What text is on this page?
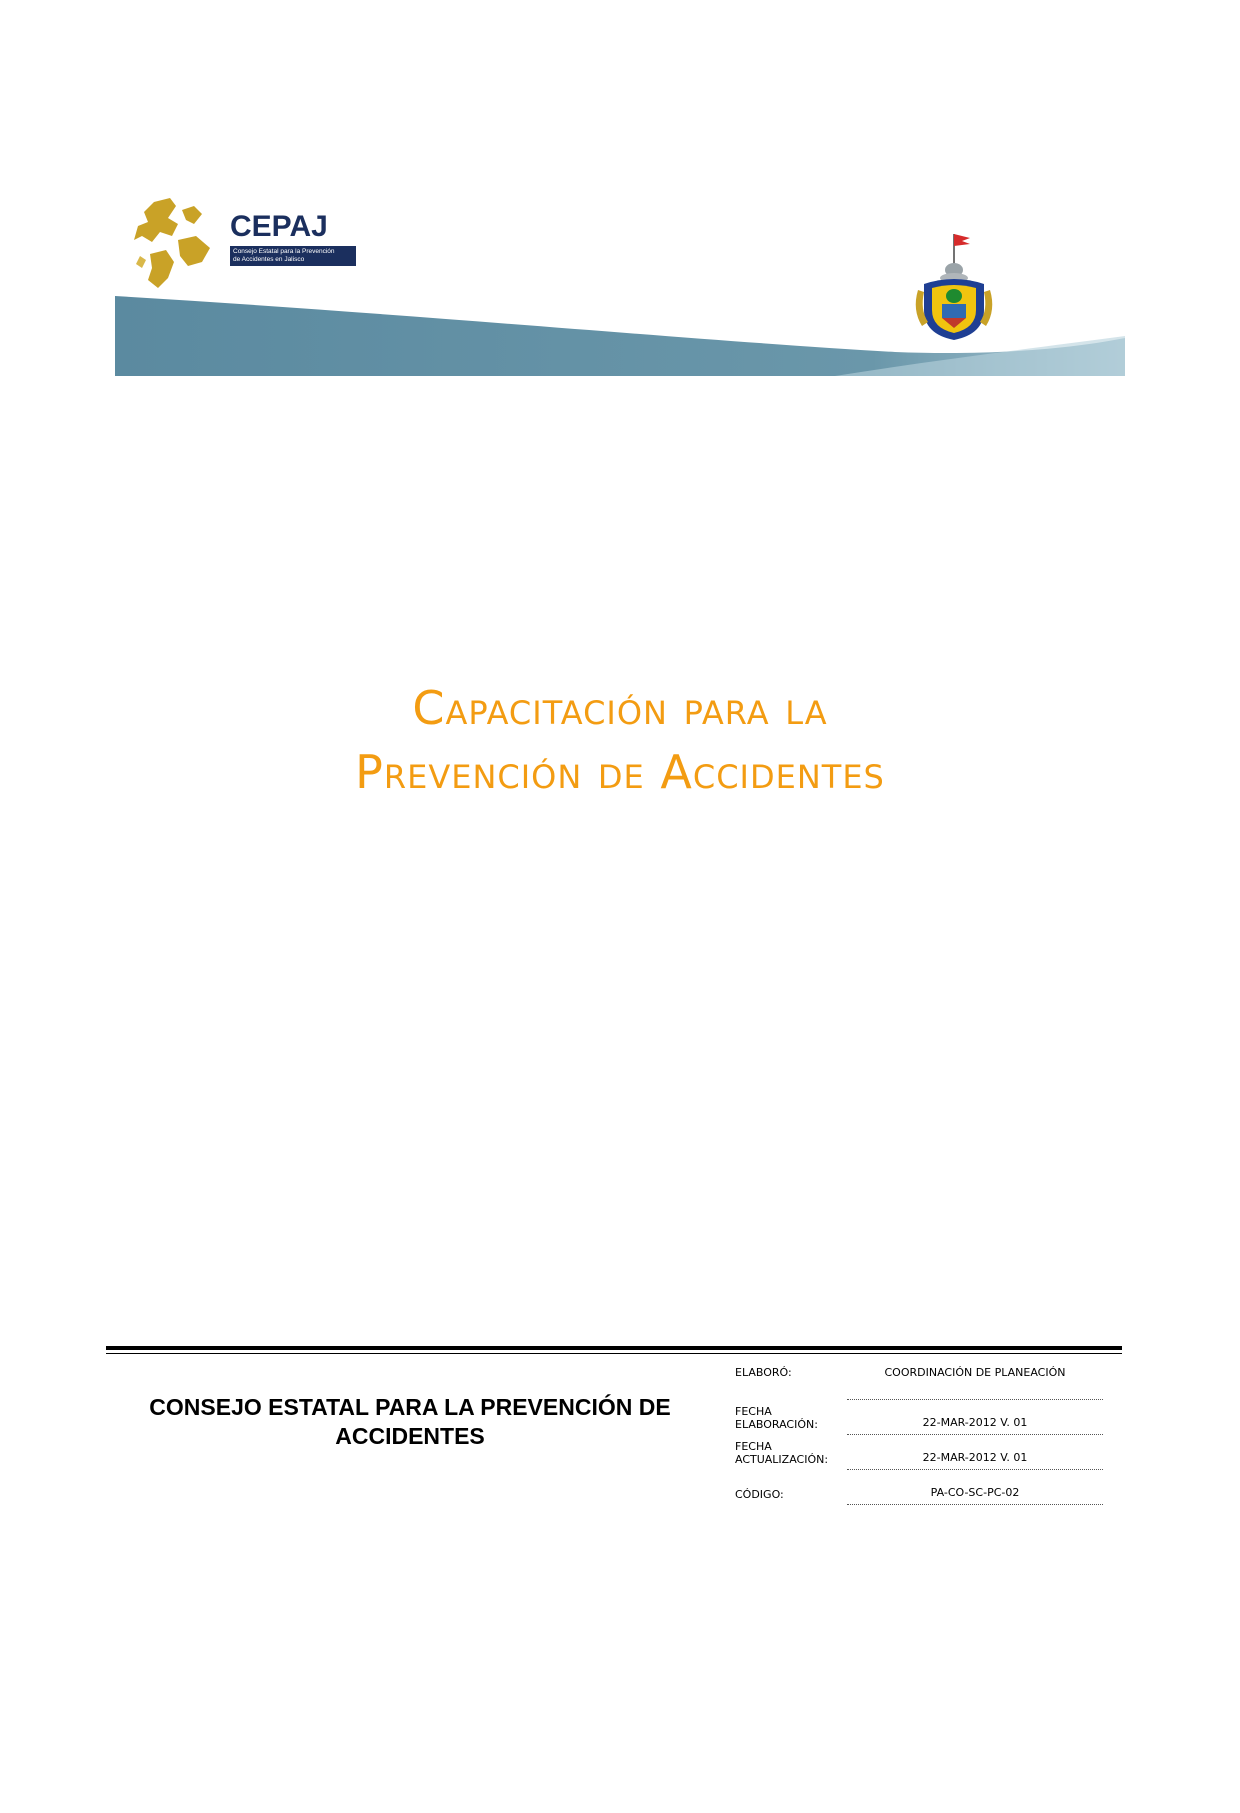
CEPAJ
Consejo Estatal para la Prevención
de Accidentes en Jalisco
Capacitación para la
Prevención de Accidentes
CONSEJO ESTATAL PARA LA PREVENCIÓN DE ACCIDENTES
ELABORÓ:	COORDINACIÓN DE PLANEACIÓN
FECHA ELABORACIÓN:	22-MAR-2012 V. 01
FECHA ACTUALIZACIÓN:	22-MAR-2012 V. 01
CÓDIGO:	PA-CO-SC-PC-02
